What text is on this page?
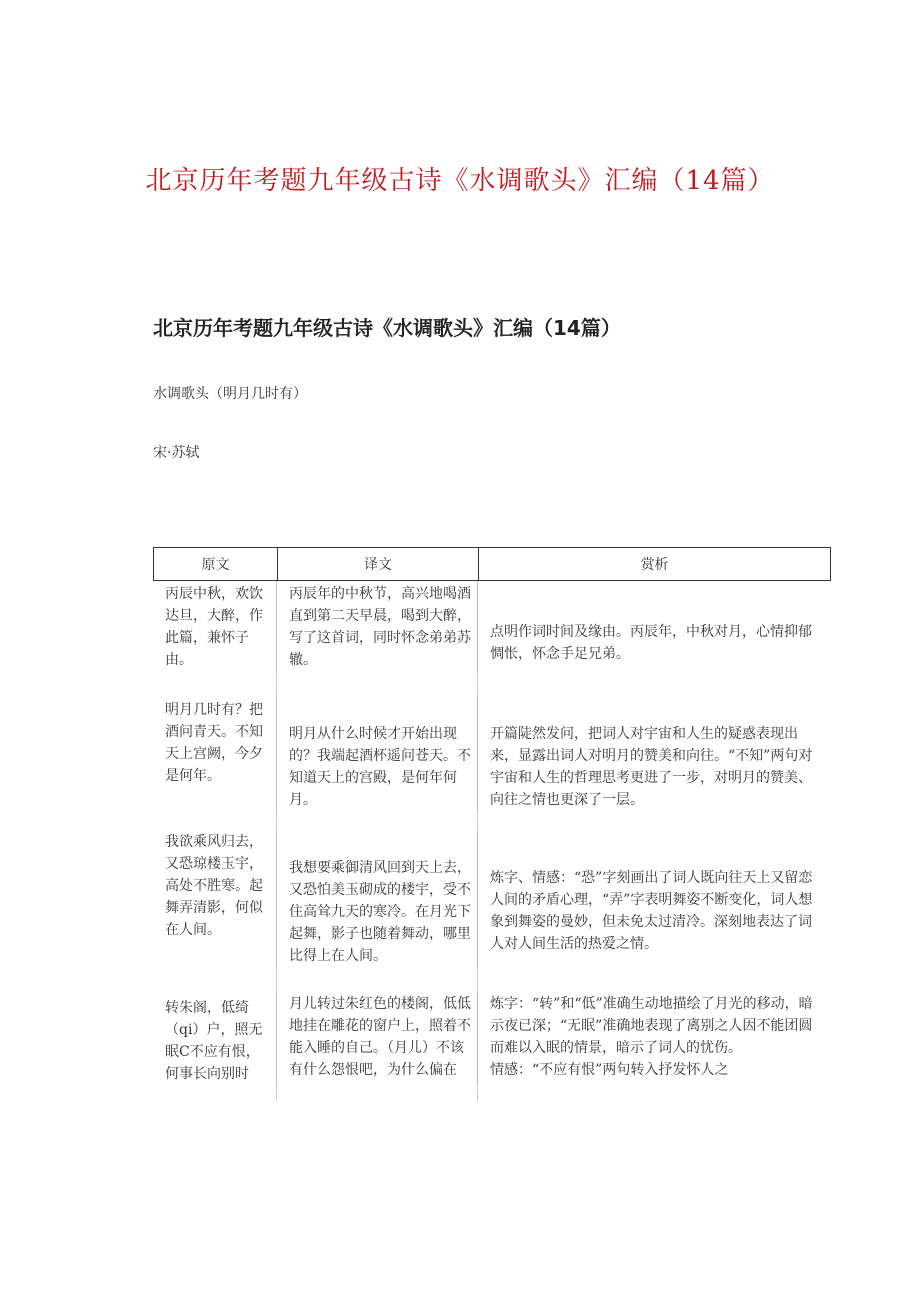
北京历年考题九年级古诗《水调歌头》汇编（14篇）
北京历年考题九年级古诗《水调歌头》汇编（14篇）
水调歌头（明月几时有）
宋·苏轼
原文	译文	赏析
丙辰中秋，欢饮达旦，大醉，作此篇，兼怀子由。
丙辰年的中秋节，高兴地喝酒直到第二天早晨，喝到大醉，写了这首词，同时怀念弟弟苏辙。
点明作词时间及缘由。丙辰年，中秋对月，心情抑郁惆怅，怀念手足兄弟。
明月几时有？把酒问青天。不知天上宫阙，今夕是何年。
明月从什么时候才开始出现的？我端起酒杯遥问苍天。不知道天上的宫殿，是何年何月。
开篇陡然发问，把词人对宇宙和人生的疑惑表现出来，显露出词人对明月的赞美和向往。“不知”两句对宇宙和人生的哲理思考更进了一步，对明月的赞美、向往之情也更深了一层。
我欲乘风归去，又恐琼楼玉宇，高处不胜寒。起舞弄清影，何似在人间。
我想要乘御清风回到天上去，又恐怕美玉砌成的楼宇，受不住高耸九天的寒冷。在月光下起舞，影子也随着舞动，哪里比得上在人间。
炼字、情感：“恐”字刻画出了词人既向往天上又留恋人间的矛盾心理，“弄”字表明舞姿不断变化，词人想象到舞姿的曼妙，但未免太过清冷。深刻地表达了词人对人间生活的热爱之情。
转朱阁，低绮（qi）户，照无眠C不应有恨，何事长向别时
月儿转过朱红色的楼阁，低低地挂在雕花的窗户上，照着不能入睡的自己。（月儿）不该有什么怨恨吧，为什么偏在
炼字：“转”和“低”准确生动地描绘了月光的移动，暗示夜已深；“无眠”准确地表现了离别之人因不能团圆而难以入眠的情景，暗示了词人的忧伤。
情感：“不应有恨”两句转入抒发怀人之
